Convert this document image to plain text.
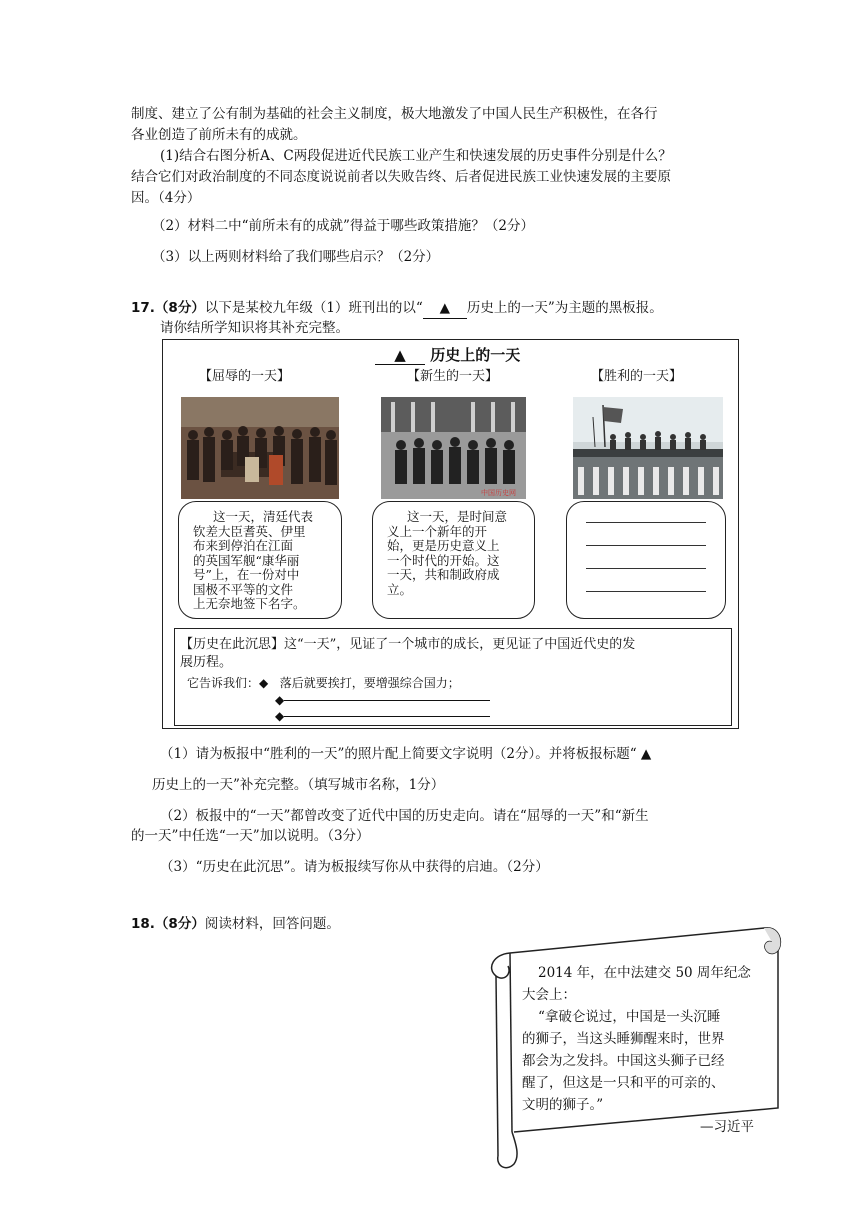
制度、建立了公有制为基础的社会主义制度，极大地激发了中国人民生产积极性，在各行
各业创造了前所未有的成就。
(1)结合右图分析A、C两段促进近代民族工业产生和快速发展的历史事件分别是什么？
结合它们对政治制度的不同态度说说前者以失败告终、后者促进民族工业快速发展的主要原
因。（4分）
（2）材料二中“前所未有的成就”得益于哪些政策措施？（2分）
（3）以上两则材料给了我们哪些启示？（2分）
17.（8分）以下是某校九年级（1）班刊出的以“ ▲ 历史上的一天”为主题的黑板报。
请你结所学知识将其补充完整。
▲ 历史上的一天
【屈辱的一天】	【新生的一天】	【胜利的一天】
中国历史网
这一天，清廷代表
钦差大臣耆英、伊里
布来到停泊在江面
的英国军舰“康华丽
号”上，在一份对中
国极不平等的文件
上无奈地签下名字。
这一天，是时间意
义上一个新年的开
始，更是历史意义上
一个时代的开始。这
一天，共和制政府成
立。
【历史在此沉思】这“一天”，见证了一个城市的成长，更见证了中国近代史的发
展历程。
它告诉我们：◆ 落后就要挨打，要增强综合国力；
◆
◆
（1）请为板报中“胜利的一天”的照片配上简要文字说明（2分）。并将板报标题“ ▲
历史上的一天”补充完整。（填写城市名称，1分）
（2）板报中的“一天”都曾改变了近代中国的历史走向。请在“屈辱的一天”和“新生
的一天”中任选“一天”加以说明。（3分）
（3）“历史在此沉思”。请为板报续写你从中获得的启迪。（2分）
18.（8分）阅读材料，回答问题。
2014 年，在中法建交 50 周年纪念
大会上：
“拿破仑说过，中国是一头沉睡
的狮子，当这头睡狮醒来时，世界
都会为之发抖。中国这头狮子已经
醒了，但这是一只和平的可亲的、
文明的狮子。”
—习近平
